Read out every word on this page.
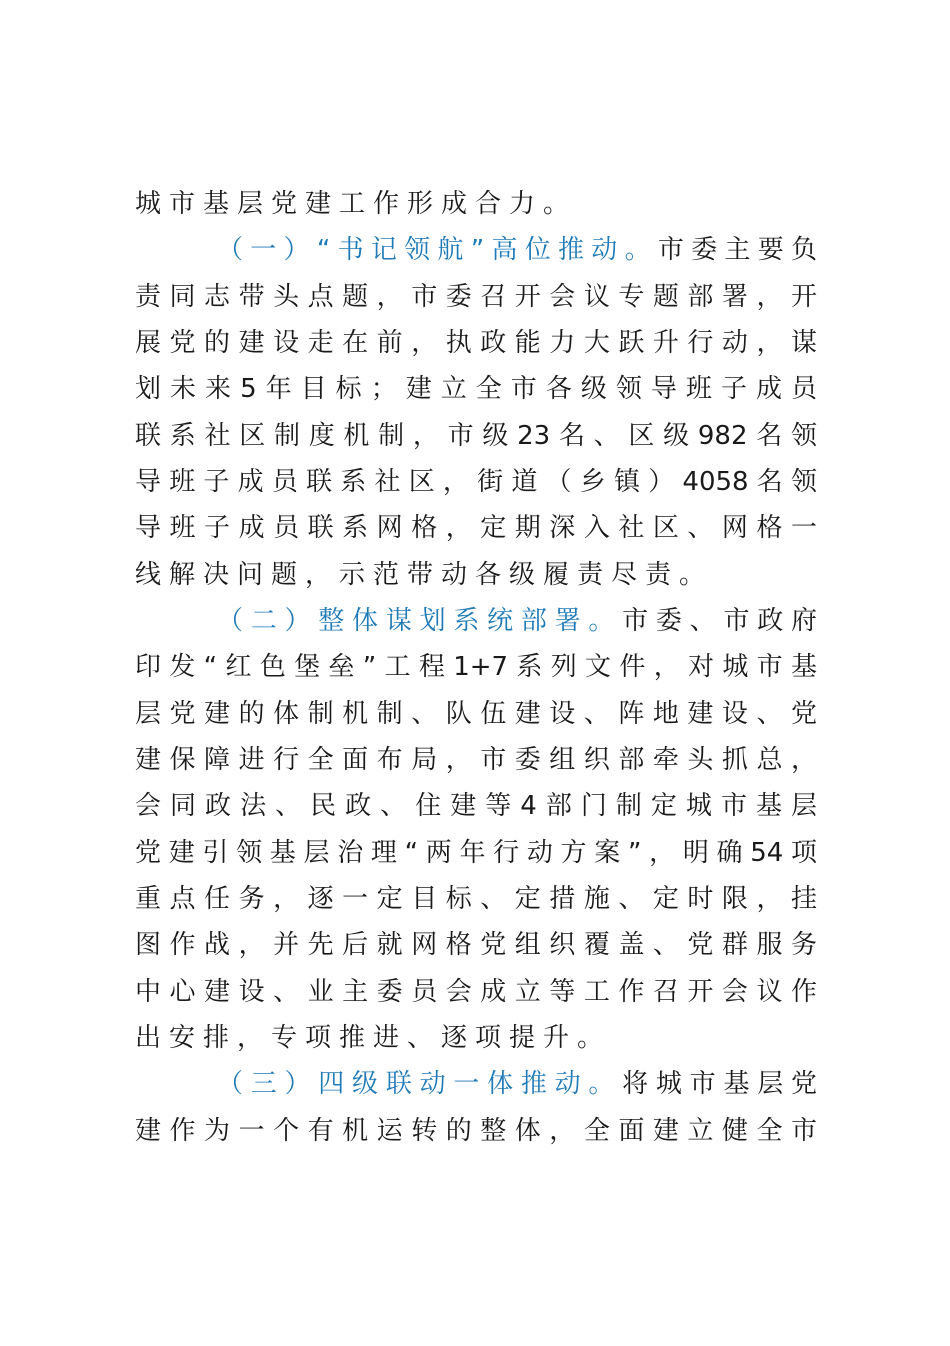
城市基层党建工作形成合力。
（一）“书记领航”高位推动。市委主要负
责同志带头点题，市委召开会议专题部署，开
展党的建设走在前，执政能力大跃升行动，谋
划未来5年目标；建立全市各级领导班子成员
联系社区制度机制，市级23名、区级982名领
导班子成员联系社区，街道（乡镇）4058名领
导班子成员联系网格，定期深入社区、网格一
线解决问题，示范带动各级履责尽责。
（二）整体谋划系统部署。市委、市政府
印发“红色堡垒”工程1+7系列文件，对城市基
层党建的体制机制、队伍建设、阵地建设、党
建保障进行全面布局，市委组织部牵头抓总，
会同政法、民政、住建等4部门制定城市基层
党建引领基层治理“两年行动方案”，明确54项
重点任务，逐一定目标、定措施、定时限，挂
图作战，并先后就网格党组织覆盖、党群服务
中心建设、业主委员会成立等工作召开会议作
出安排，专项推进、逐项提升。
（三）四级联动一体推动。将城市基层党
建作为一个有机运转的整体，全面建立健全市
